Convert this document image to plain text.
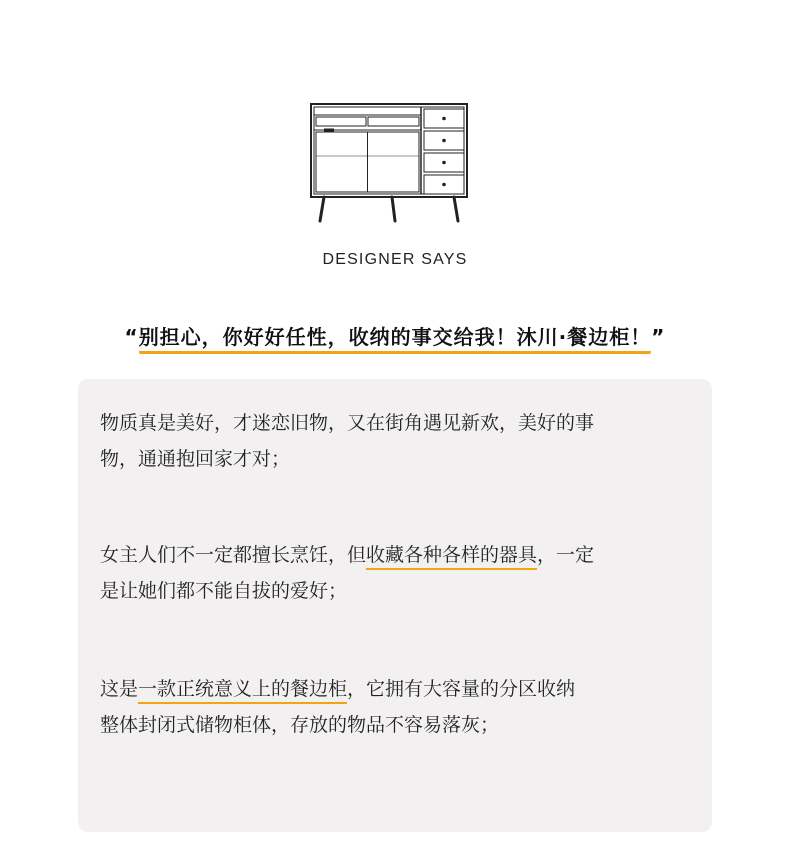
DESIGNER SAYS
“别担心，你好好任性，收纳的事交给我！沐川·餐边柜！”
物质真是美好，才迷恋旧物，又在街角遇见新欢，美好的事
物，通通抱回家才对；
女主人们不一定都擅长烹饪，但收藏各种各样的器具，一定
是让她们都不能自拔的爱好；
这是一款正统意义上的餐边柜，它拥有大容量的分区收纳
整体封闭式储物柜体，存放的物品不容易落灰；
